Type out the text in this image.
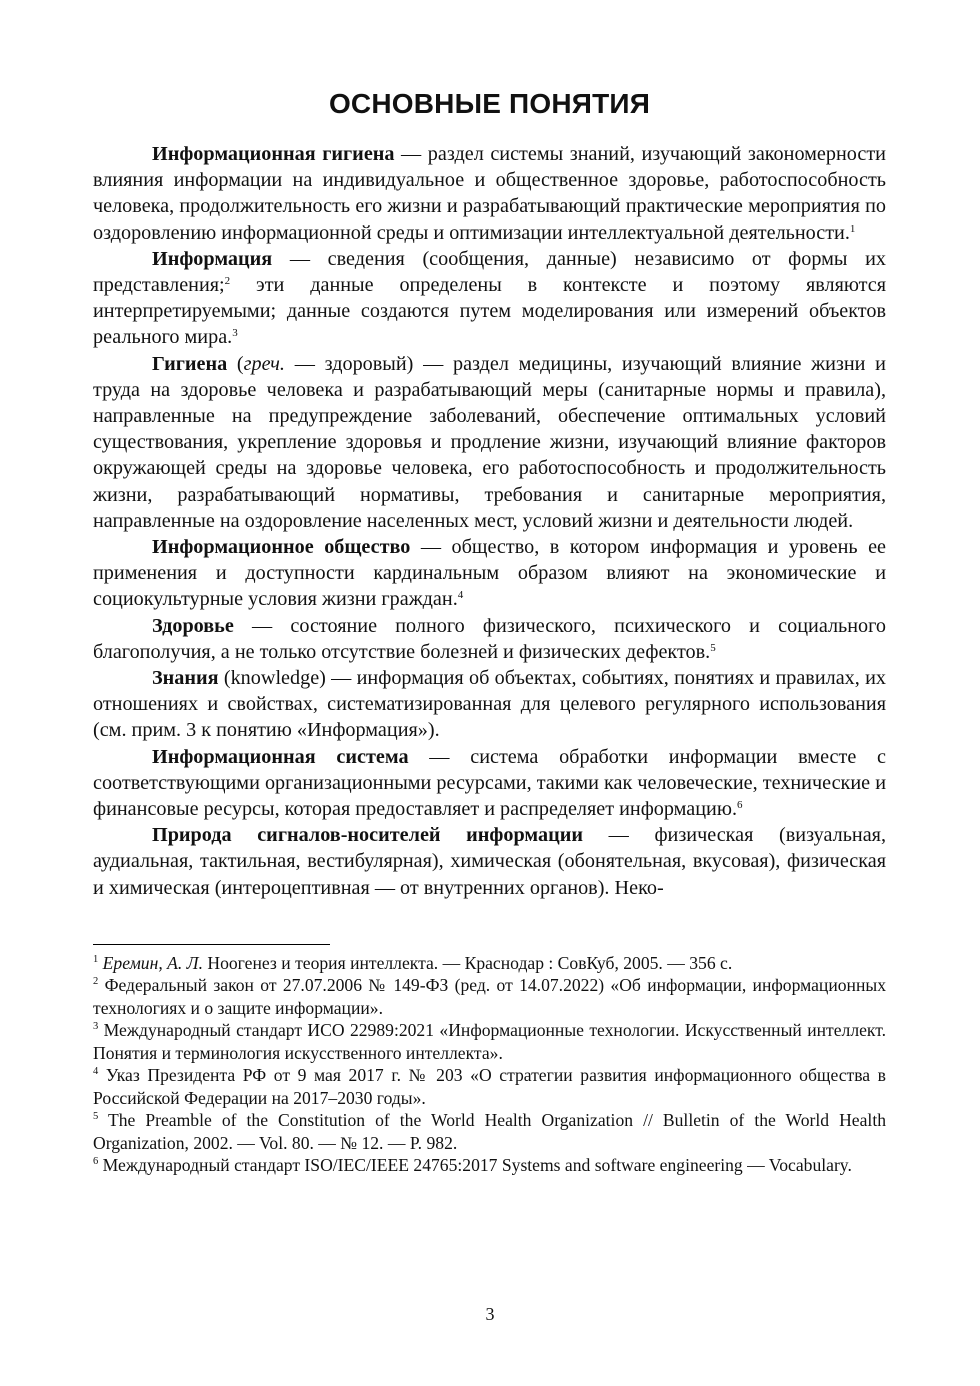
ОСНОВНЫЕ ПОНЯТИЯ

Информационная гигиена — раздел системы знаний, изучающий закономерности влияния информации на индивидуальное и общественное здоровье, работоспособность человека, продолжительность его жизни и разрабатывающий практические мероприятия по оздоровлению информационной среды и оптимизации интеллектуальной деятельности.$^1$

Информация — сведения (сообщения, данные) независимо от формы их представления;$^2$ эти данные определены в контексте и поэтому являются интерпретируемыми; данные создаются путем моделирования или измерений объектов реального мира.$^3$

Гигиена (греч. — здоровый) — раздел медицины, изучающий влияние жизни и труда на здоровье человека и разрабатывающий меры (санитарные нормы и правила), направленные на предупреждение заболеваний, обеспечение оптимальных условий существования, укрепление здоровья и продление жизни, изучающий влияние факторов окружающей среды на здоровье человека, его работоспособность и продолжительность жизни, разрабатывающий нормативы, требования и санитарные мероприятия, направленные на оздоровление населенных мест, условий жизни и деятельности людей.

Информационное общество — общество, в котором информация и уровень ее применения и доступности кардинальным образом влияют на экономические и социокультурные условия жизни граждан.$^4$

Здоровье — состояние полного физического, психического и социального благополучия, а не только отсутствие болезней и физических дефектов.$^5$

Знания (knowledge) — информация об объектах, событиях, понятиях и правилах, их отношениях и свойствах, систематизированная для целевого регулярного использования (см. прим. 3 к понятию «Информация»).

Информационная система — система обработки информации вместе с соответствующими организационными ресурсами, такими как человеческие, технические и финансовые ресурсы, которая предоставляет и распределяет информацию.$^6$

Природа сигналов-носителей информации — физическая (визуальная, аудиальная, тактильная, вестибулярная), химическая (обонятельная, вкусовая), физическая и химическая (интероцептивная — от внутренних органов). Неко-

$^1$ Еремин, А. Л. Ноогенез и теория интеллекта. — Краснодар : СовКуб, 2005. — 356 с.

$^2$ Федеральный закон от 27.07.2006 № 149-ФЗ (ред. от 14.07.2022) «Об информации, информационных технологиях и о защите информации».

$^3$ Международный стандарт ИСО 22989:2021 «Информационные технологии. Искусственный интеллект. Понятия и терминология искусственного интеллекта».

$^4$ Указ Президента РФ от 9 мая 2017 г. № 203 «О стратегии развития информационного общества в Российской Федерации на 2017–2030 годы».

$^5$ The Preamble of the Constitution of the World Health Organization // Bulletin of the World Health Organization, 2002. — Vol. 80. — № 12. — P. 982.

$^6$ Международный стандарт ISO/IEC/IEEE 24765:2017 Systems and software engineering — Vocabulary.

3
